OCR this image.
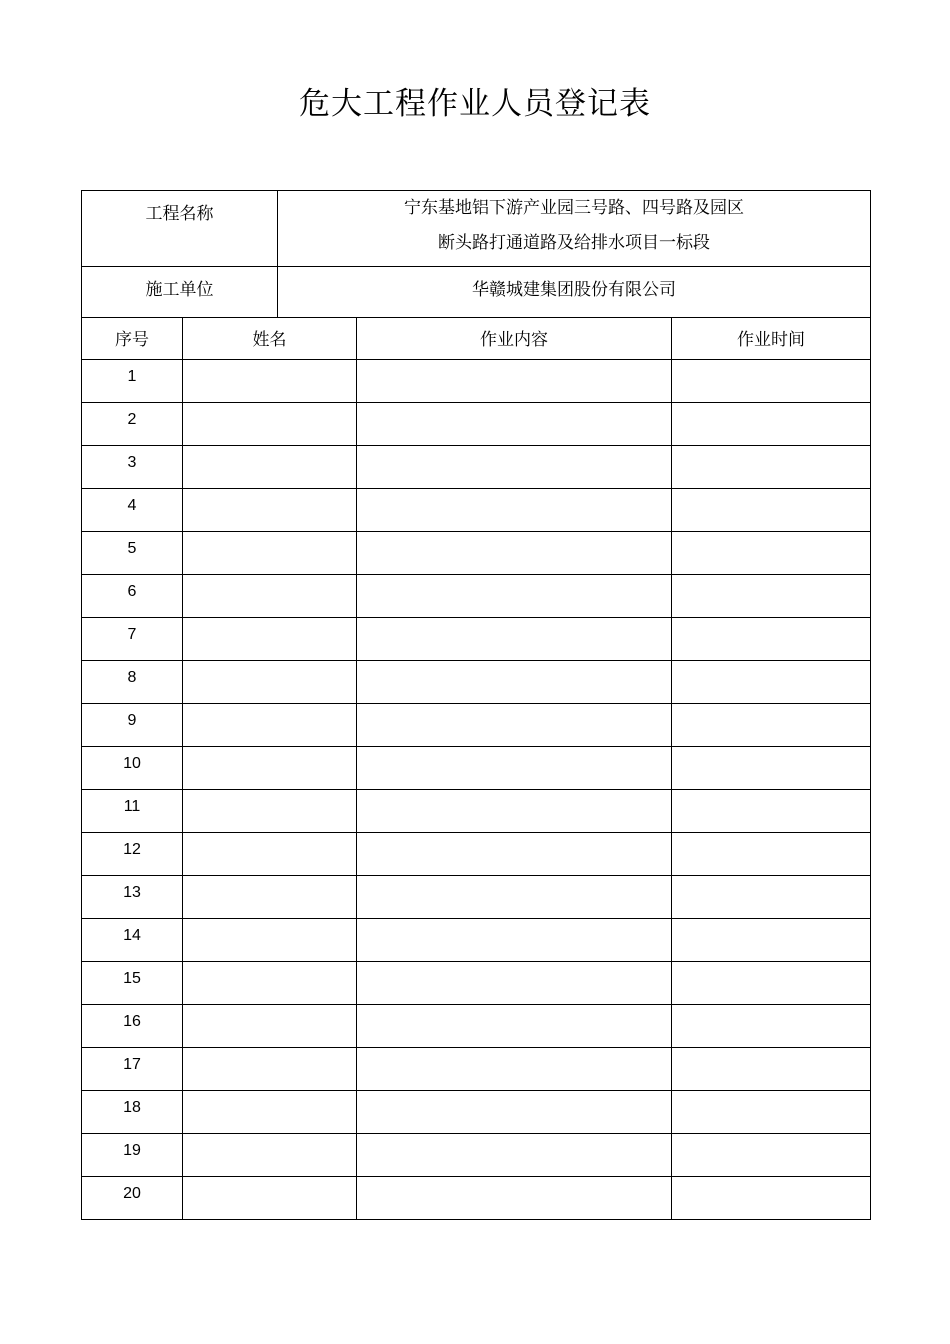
危大工程作业人员登记表
工程名称		宁东基地铝下游产业园三号路、四号路及园区
断头路打通道路及给排水项目一标段		

施工单位		华赣城建集团股份有限公司		
序号	姓名		作业内容	作业时间
1				
2				
3				
4				
5				
6				
7				
8				
9				
10				
11				
12				
13				
14				
15				
16				
17				
18				
19				
20				
